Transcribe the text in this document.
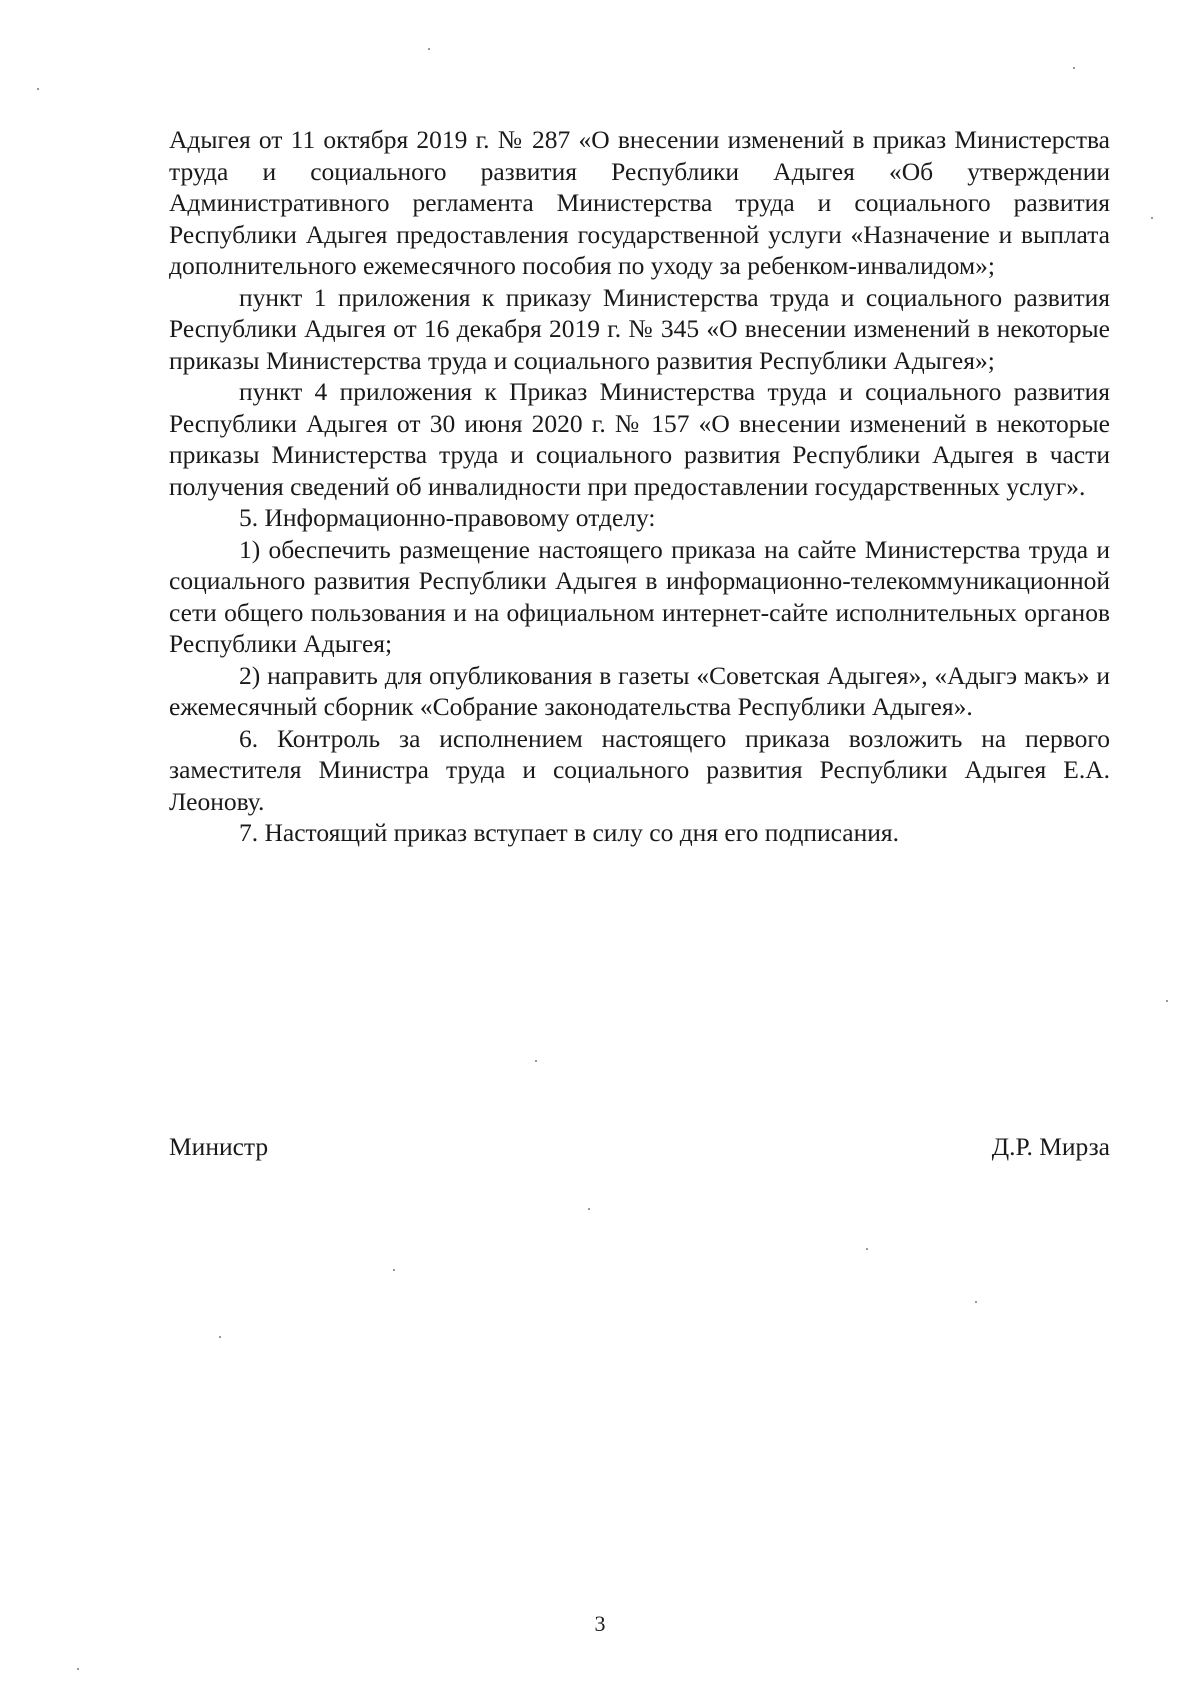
Адыгея от 11 октября 2019 г. № 287 «О внесении изменений в приказ Министерства труда и социального развития Республики Адыгея «Об утверждении Административного регламента Министерства труда и социального развития Республики Адыгея предоставления государственной услуги «Назначение и выплата дополнительного ежемесячного пособия по уходу за ребенком-инвалидом»;

пункт 1 приложения к приказу Министерства труда и социального развития Республики Адыгея от 16 декабря 2019 г. № 345 «О внесении изменений в некоторые приказы Министерства труда и социального развития Республики Адыгея»;

пункт 4 приложения к Приказ Министерства труда и социального развития Республики Адыгея от 30 июня 2020 г. № 157 «О внесении изменений в некоторые приказы Министерства труда и социального развития Республики Адыгея в части получения сведений об инвалидности при предоставлении государственных услуг».

5. Информационно-правовому отделу:

1) обеспечить размещение настоящего приказа на сайте Министерства труда и социального развития Республики Адыгея в информационно-телекоммуникационной сети общего пользования и на официальном интернет-сайте исполнительных органов Республики Адыгея;

2) направить для опубликования в газеты «Советская Адыгея», «Адыгэ макъ» и ежемесячный сборник «Собрание законодательства Республики Адыгея».

6. Контроль за исполнением настоящего приказа возложить на первого заместителя Министра труда и социального развития Республики Адыгея Е.А. Леонову.

7. Настоящий приказ вступает в силу со дня его подписания.

Министр	Д.Р. Мирза
3
